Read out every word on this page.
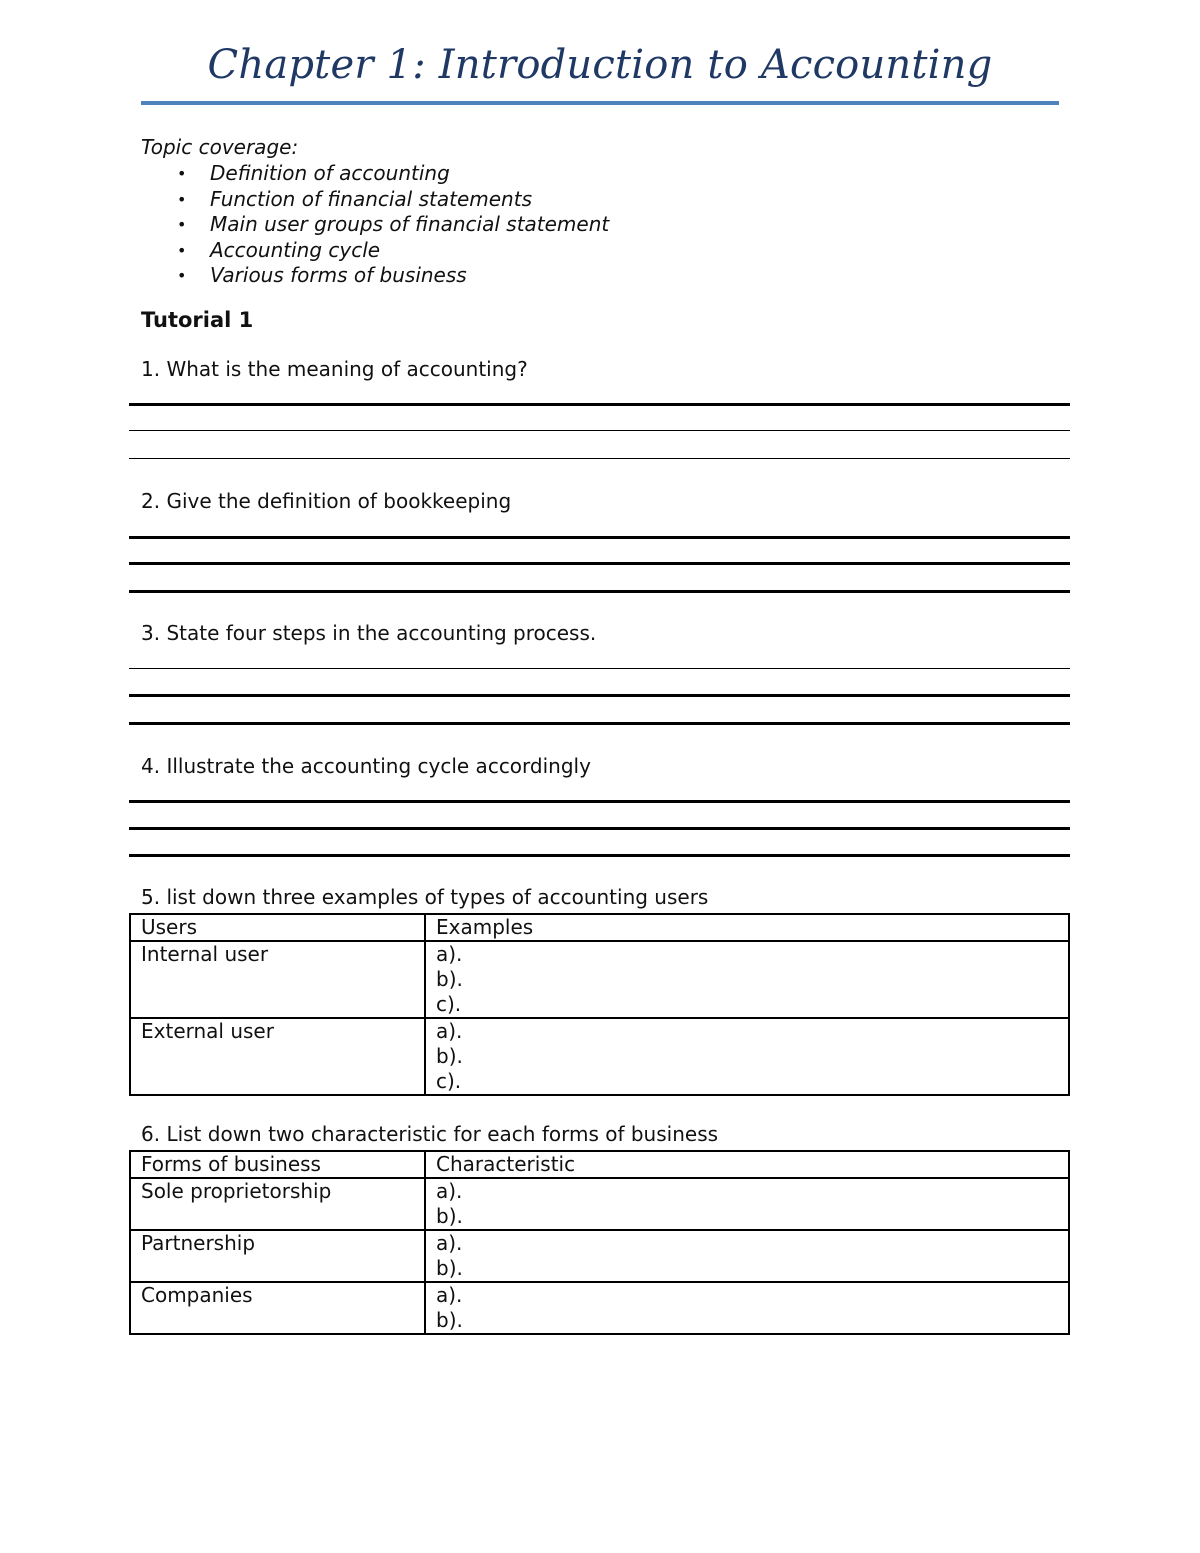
Chapter 1: Introduction to Accounting
Topic coverage:
• Definition of accounting
• Function of financial statements
• Main user groups of financial statement
• Accounting cycle
• Various forms of business
Tutorial 1
1. What is the meaning of accounting?
2. Give the definition of bookkeeping
3. State four steps in the accounting process.
4. Illustrate the accounting cycle accordingly
5. list down three examples of types of accounting users
Users	Examples
Internal user	a).
b).
c).

External user	a).
b).
c).
6. List down two characteristic for each forms of business
Forms of business	Characteristic
Sole proprietorship	a).
b).

Partnership	a).
b).

Companies	a).
b).
